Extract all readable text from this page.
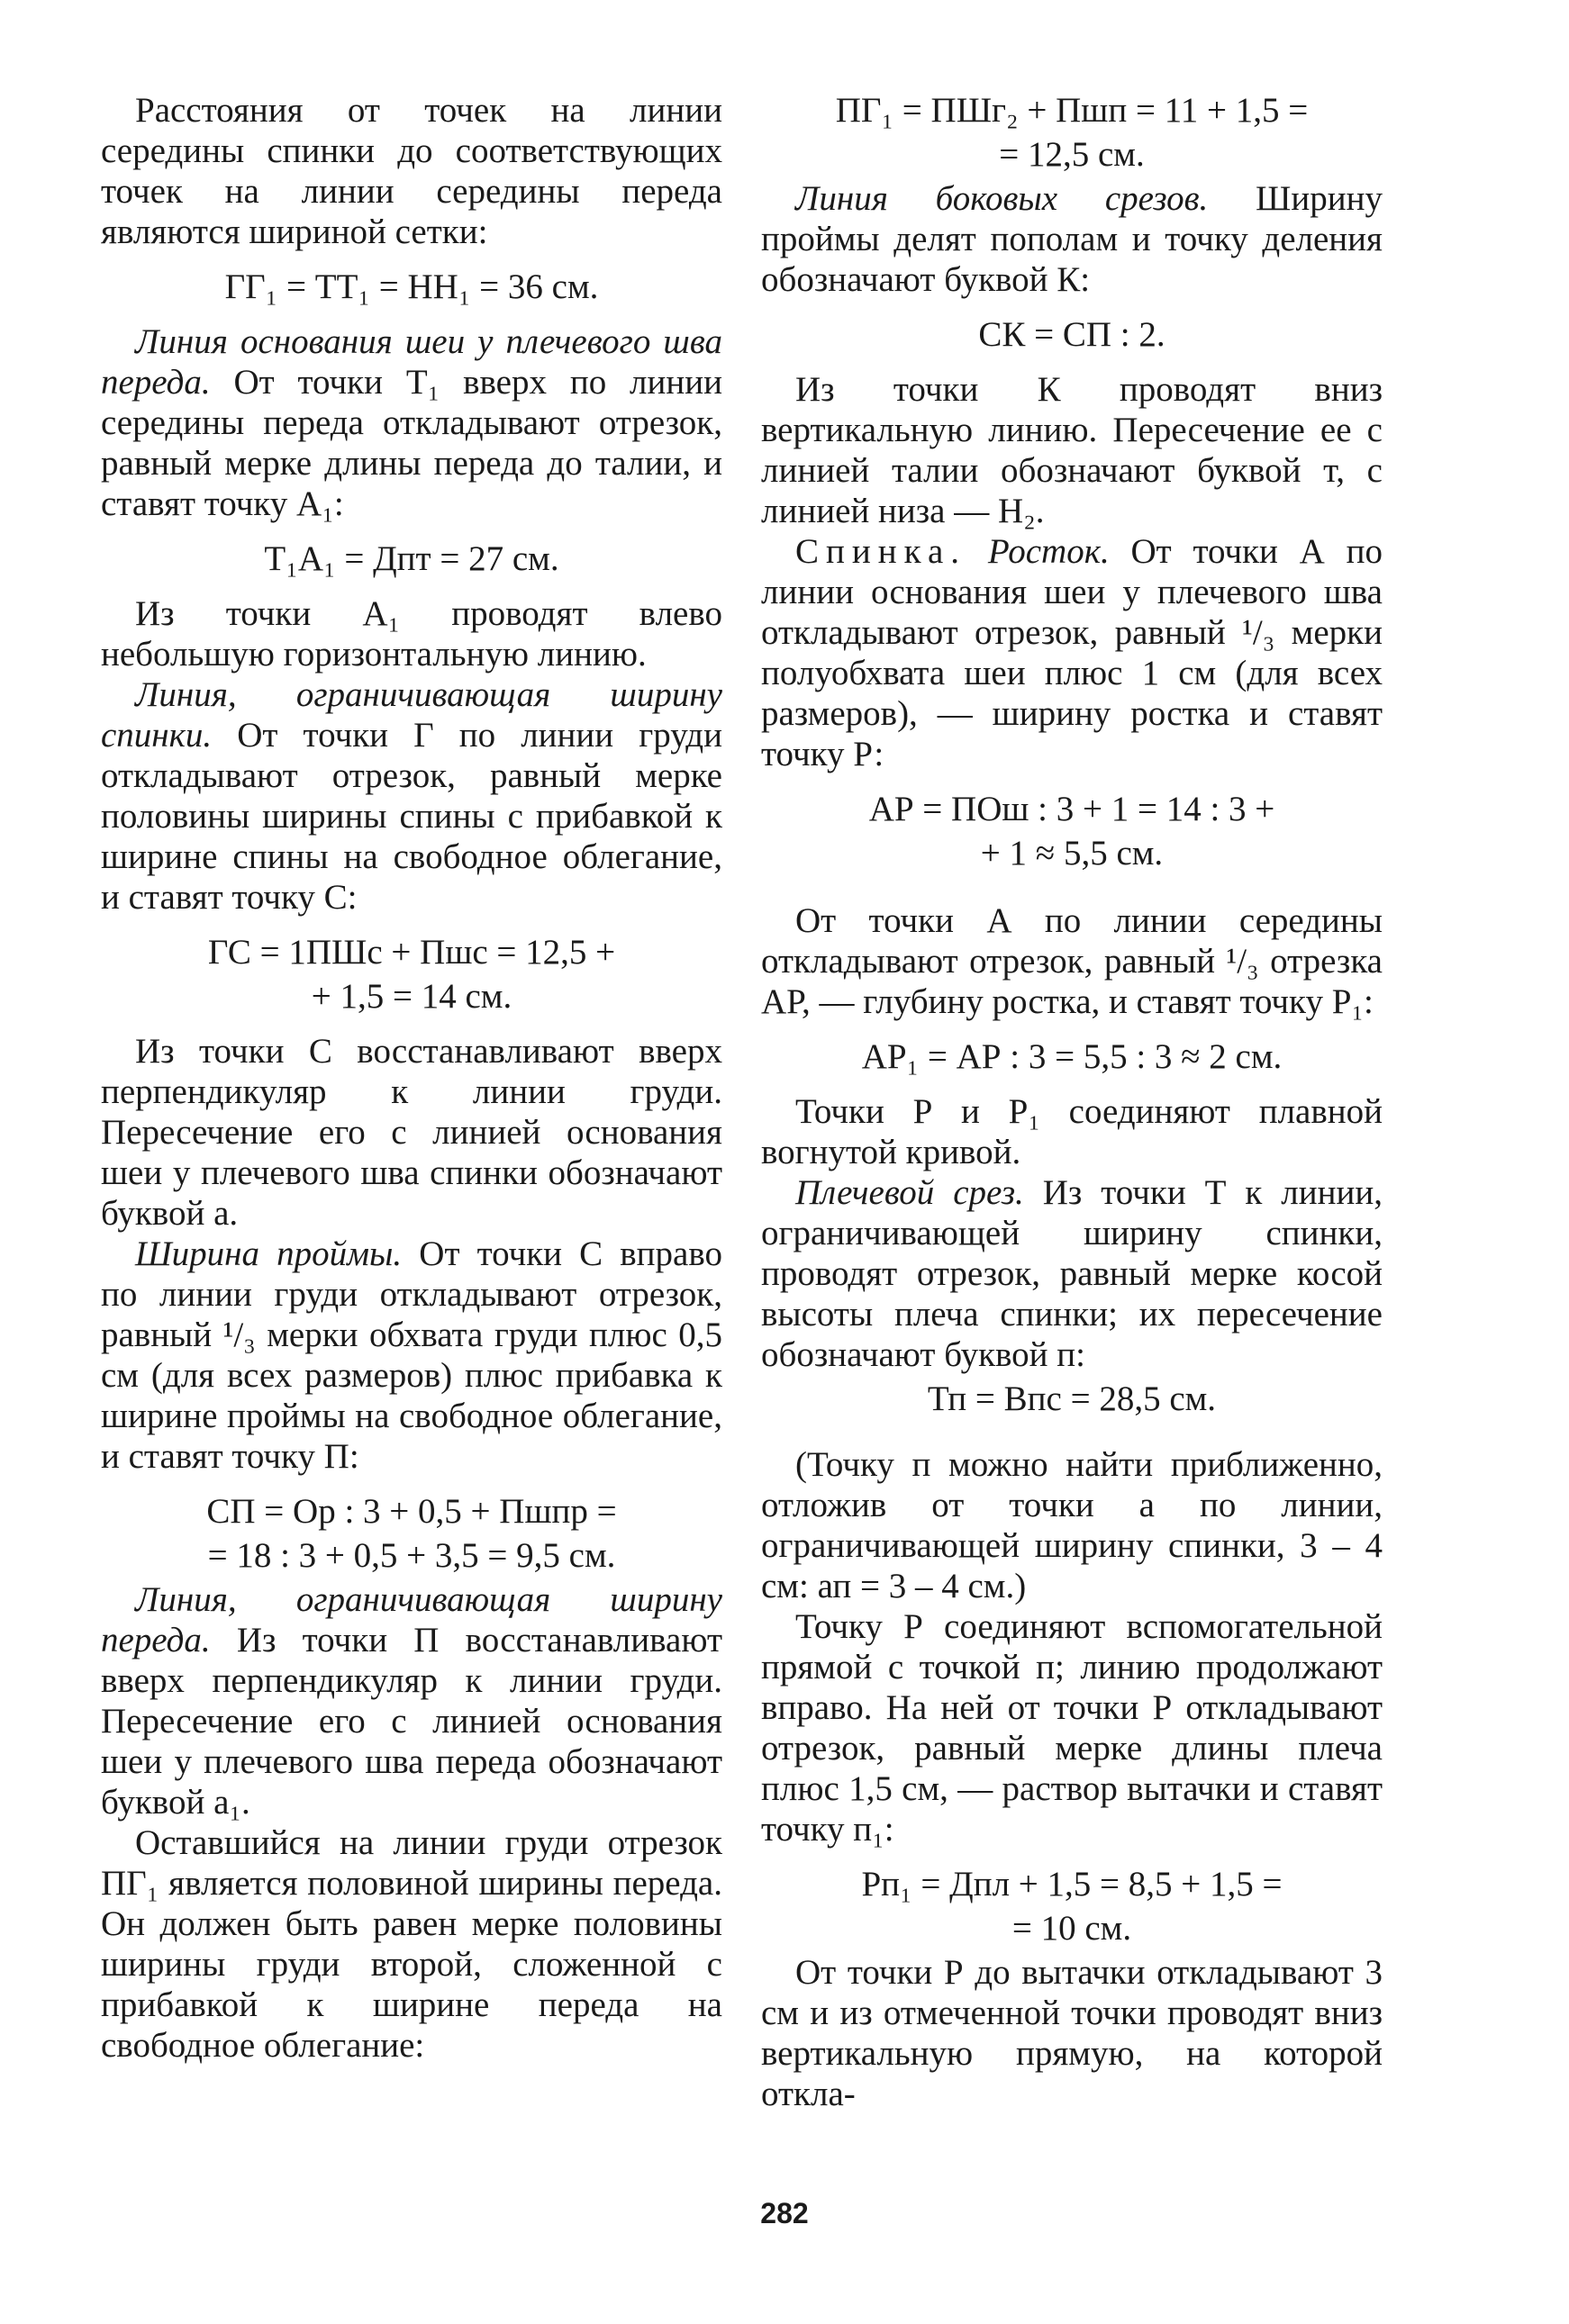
Расстояния от точек на линии середины спинки до соответствующих точек на линии середины переда являются шириной сетки:

ГГ₁ = ТТ₁ = НН₁ = 36 см.

Линия основания шеи у плечевого шва переда. От точки Т₁ вверх по линии середины переда откладывают отрезок, равный мерке длины переда до талии, и ставят точку А₁:

Т₁А₁ = Дпт = 27 см.

Из точки А₁ проводят влево небольшую горизонтальную линию.

Линия, ограничивающая ширину спинки. От точки Г по линии груди откладывают отрезок, равный мерке половины ширины спины с прибавкой к ширине спины на свободное облегание, и ставят точку С:

ГС = 1ПШс + Пшс = 12,5 +

+ 1,5 = 14 см.

Из точки С восстанавливают вверх перпендикуляр к линии груди. Пересечение его с линией основания шеи у плечевого шва спинки обозначают буквой а.

Ширина проймы. От точки С вправо по линии груди откладывают отрезок, равный ¹/₃ мерки обхвата груди плюс 0,5 см (для всех размеров) плюс прибавка к ширине проймы на свободное облегание, и ставят точку П:

СП = Ор : 3 + 0,5 + Пшпр =

= 18 : 3 + 0,5 + 3,5 = 9,5 см.

Линия, ограничивающая ширину переда. Из точки П восстанавливают вверх перпендикуляр к линии груди. Пересечение его с линией основания шеи у плечевого шва переда обозначают буквой а₁.

Оставшийся на линии груди отрезок ПГ₁ является половиной ширины переда. Он должен быть равен мерке половины ширины груди второй, сложенной с прибавкой к ширине переда на свободное облегание:

ПГ₁ = ПШг₂ + Пшп = 11 + 1,5 =

= 12,5 см.

Линия боковых срезов. Ширину проймы делят пополам и точку деления обозначают буквой К:

СК = СП : 2.

Из точки К проводят вниз вертикальную линию. Пересечение ее с линией талии обозначают буквой т, с линией низа — Н₂.

Спинка. Росток. От точки А по линии основания шеи у плечевого шва откладывают отрезок, равный ¹/₃ мерки полуобхвата шеи плюс 1 см (для всех размеров), — ширину ростка и ставят точку Р:

АР = ПОш : 3 + 1 = 14 : 3 +

+ 1 ≈ 5,5 см.

От точки А по линии середины откладывают отрезок, равный ¹/₃ отрезка АР, — глубину ростка, и ставят точку Р₁:

АР₁ = АР : 3 = 5,5 : 3 ≈ 2 см.

Точки Р и Р₁ соединяют плавной вогнутой кривой.

Плечевой срез. Из точки Т к линии, ограничивающей ширину спинки, проводят отрезок, равный мерке косой высоты плеча спинки; их пересечение обозначают буквой п:

Тп = Впс = 28,5 см.

(Точку п можно найти приближенно, отложив от точки а по линии, ограничивающей ширину спинки, 3 – 4 см: ап = 3 – 4 см.)

Точку Р соединяют вспомогательной прямой с точкой п; линию продолжают вправо. На ней от точки Р откладывают отрезок, равный мерке длины плеча плюс 1,5 см, — раствор вытачки и ставят точку п₁:

Рп₁ = Дпл + 1,5 = 8,5 + 1,5 =

= 10 см.

От точки Р до вытачки откладывают 3 см и из отмеченной точки проводят вниз вертикальную прямую, на которой откла-

282
